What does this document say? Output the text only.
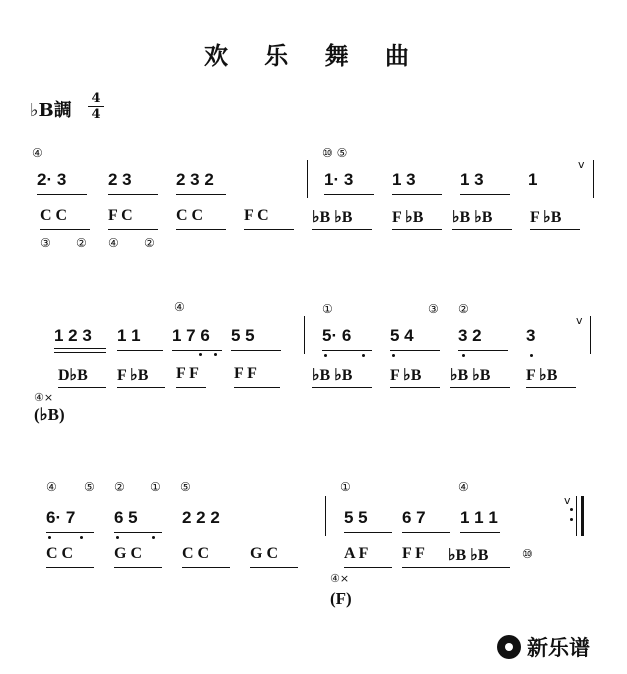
欢 乐 舞 曲
♭B調
4
4
④	⑩ ⑤
2· 3 2 3	2 3 2	1· 3 1 3	1 3	1
v
C C	F C	C C	F C	♭B ♭B F ♭B ♭B ♭B F ♭B
③ ② ④ ②
④	①	③ ②
1 2 3 1 1 1 7 6 5 5	5· 6 5 4	3 2	3
v
D♭B F ♭B F F F F	♭B ♭B F ♭B ♭B ♭B F ♭B
④×
(♭B)
④ ⑤ ② ① ⑤	①	④
6· 7 6 5	2 2 2	5 5 6 7 1 1 1
v
C C	G C	C C	G C	A F F F ♭B ♭B	⑩
④×
(F)
新乐谱
